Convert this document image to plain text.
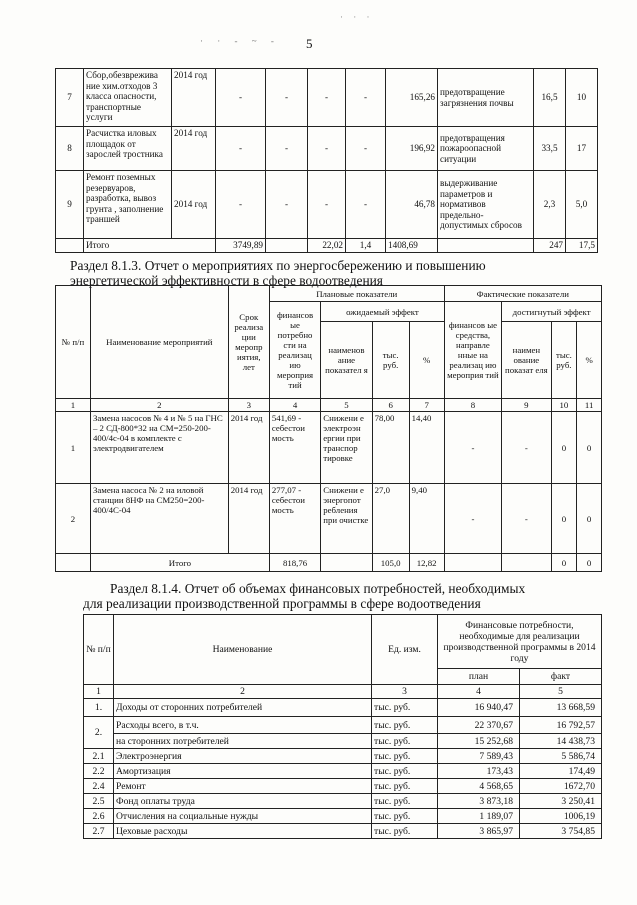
· · - ~ -
· · ·
5
7	Сбор,обезврежива ние хим.отходов 3 класса опасности, транспортные услуги	2014 год	-	-	-	-	165,26	предотвращение загрязнения почвы	16,5	10
8	Расчистка иловых площадок от зарослей тростника	2014 год	-	-	-	-	196,92	предотвращения пожароопасной ситуации	33,5	17
9	Ремонт поземных резервуаров, разработка, вывоз грунта , заполнение траншей	2014 год	-	-	-	-	46,78	выдерживание параметров и нормативов предельно-допустимых сбросов	2,3	5,0
	Итого		3749,89		22,02	1,4	1408,69		247	17,5
Раздел 8.1.3. Отчет о мероприятиях по энергосбережению и повышению
энергетической эффективности в сфере водоотведения
№ п/п	Наименование мероприятий	Срок реализа ции меропр иятия, лет	Плановые показатели				Фактические показатели			
			финансов ые потребно сти на реализац ию мероприя тий	ожидаемый эффект			финансов ые средства, направле нные на реализац ию мероприя тий	достигнутый эффект		
				наименов ание показател я	тыс. руб.	%		наимен ование показат еля	тыс. руб.	%
1	2	3	4	5	6	7	8	9	10	11
1	Замена насосов № 4 и № 5 на ГНС – 2 СД-800*32 на СМ=250-200-400/4с-04 в комплекте с электродвигателем	2014 год	541,69 - себестои мость	Снижени е электроэн ергии при транспор тировке	78,00	14,40	-	-	0	0
2	Замена насоса № 2 на иловой станции 8НФ на СМ250=200-400/4С-04	2014 год	277,07 - себестои мость	Снижени е энергопот ребления при очистке	27,0	9,40	-	-	0	0
	Итого		818,76		105,0	12,82			0	0
Раздел 8.1.4. Отчет об объемах финансовых потребностей, необходимых
для реализации производственной программы в сфере водоотведения
№ п/п	Наименование	Ед. изм.	Финансовые потребности, необходимые для реализации производственной программы в 2014 году	
			план	факт
1	2	3	4	5
1.	Доходы от сторонних потребителей	тыс. руб.	16 940,47	13 668,59
2.	Расходы всего, в т.ч.	тыс. руб.	22 370,67	16 792,57
	на сторонних потребителей	тыс. руб.	15 252,68	14 438,73
2.1	Электроэнергия	тыс. руб.	7 589,43	5 586,74
2.2	Амортизация	тыс. руб.	173,43	174,49
2.4	Ремонт	тыс. руб.	4 568,65	1672,70
2.5	Фонд оплаты труда	тыс. руб.	3 873,18	3 250,41
2.6	Отчисления на социальные нужды	тыс. руб.	1 189,07	1006,19
2.7	Цеховые расходы	тыс. руб.	3 865,97	3 754,85
